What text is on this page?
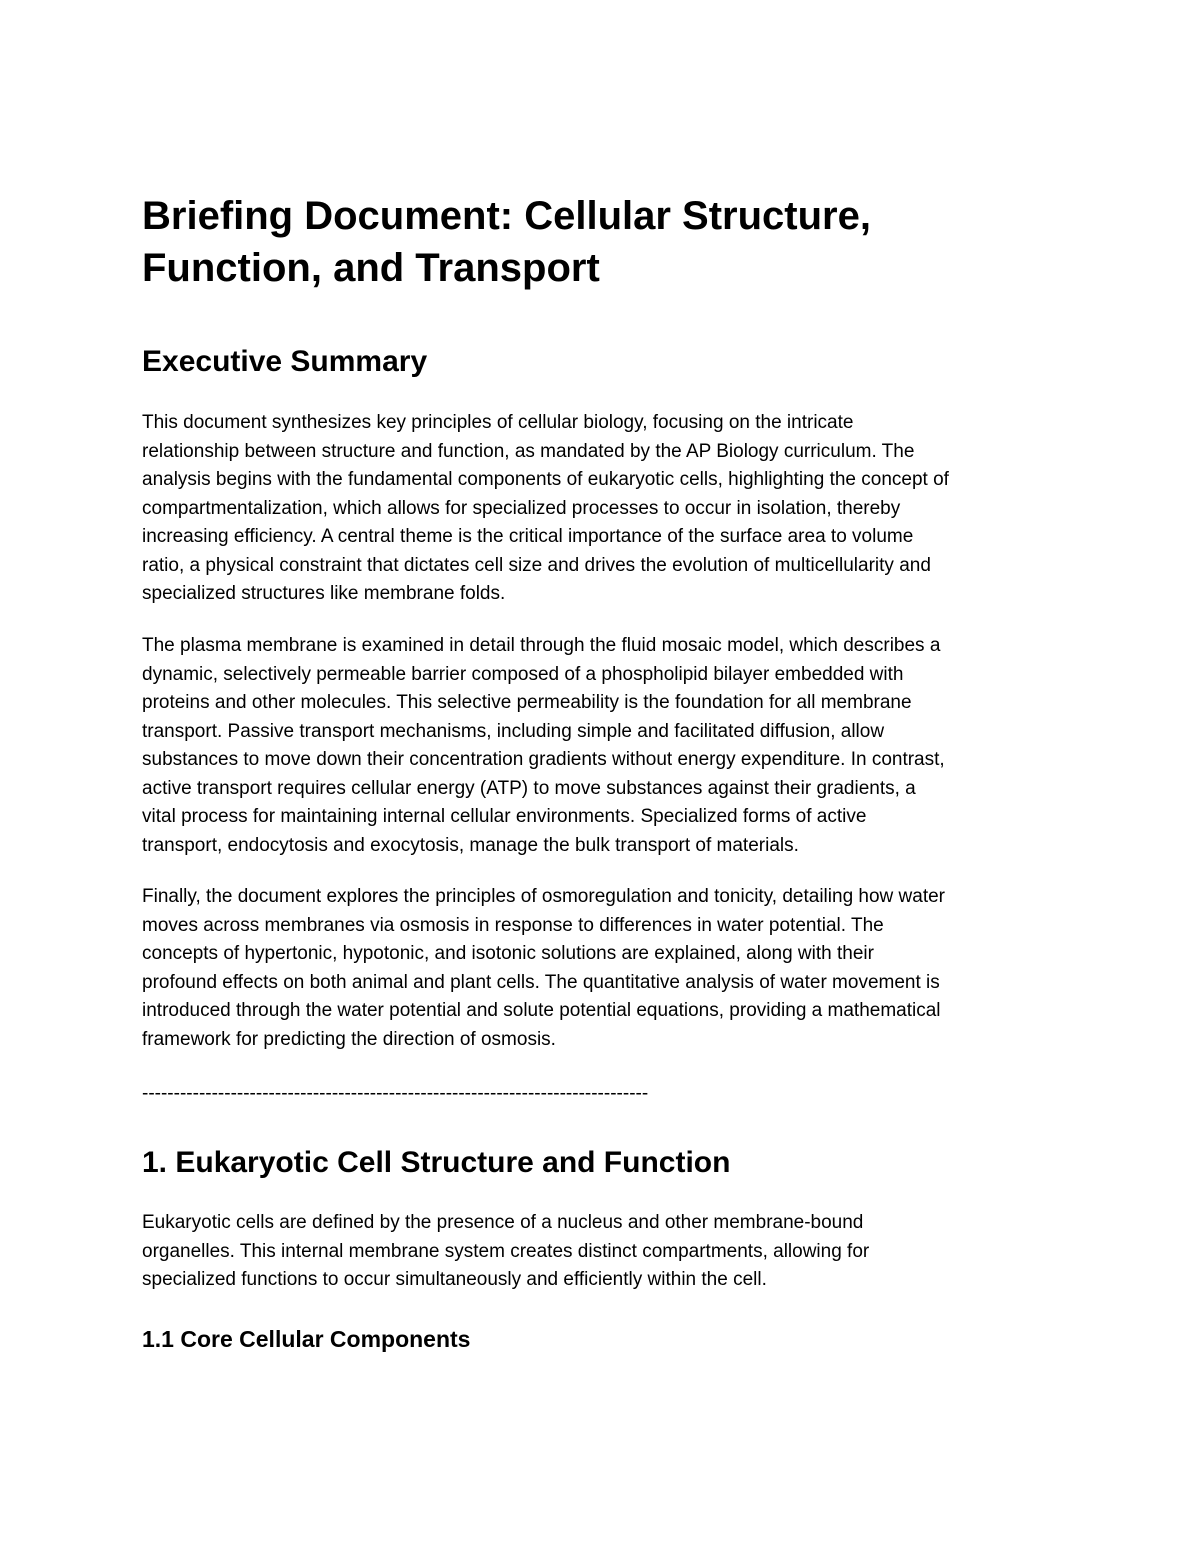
Briefing Document: Cellular Structure,
Function, and Transport
Executive Summary
This document synthesizes key principles of cellular biology, focusing on the intricate
relationship between structure and function, as mandated by the AP Biology curriculum. The
analysis begins with the fundamental components of eukaryotic cells, highlighting the concept of
compartmentalization, which allows for specialized processes to occur in isolation, thereby
increasing efficiency. A central theme is the critical importance of the surface area to volume
ratio, a physical constraint that dictates cell size and drives the evolution of multicellularity and
specialized structures like membrane folds.
The plasma membrane is examined in detail through the fluid mosaic model, which describes a
dynamic, selectively permeable barrier composed of a phospholipid bilayer embedded with
proteins and other molecules. This selective permeability is the foundation for all membrane
transport. Passive transport mechanisms, including simple and facilitated diffusion, allow
substances to move down their concentration gradients without energy expenditure. In contrast,
active transport requires cellular energy (ATP) to move substances against their gradients, a
vital process for maintaining internal cellular environments. Specialized forms of active
transport, endocytosis and exocytosis, manage the bulk transport of materials.
Finally, the document explores the principles of osmoregulation and tonicity, detailing how water
moves across membranes via osmosis in response to differences in water potential. The
concepts of hypertonic, hypotonic, and isotonic solutions are explained, along with their
profound effects on both animal and plant cells. The quantitative analysis of water movement is
introduced through the water potential and solute potential equations, providing a mathematical
framework for predicting the direction of osmosis.
--------------------------------------------------------------------------------
1. Eukaryotic Cell Structure and Function
Eukaryotic cells are defined by the presence of a nucleus and other membrane-bound
organelles. This internal membrane system creates distinct compartments, allowing for
specialized functions to occur simultaneously and efficiently within the cell.
1.1 Core Cellular Components
